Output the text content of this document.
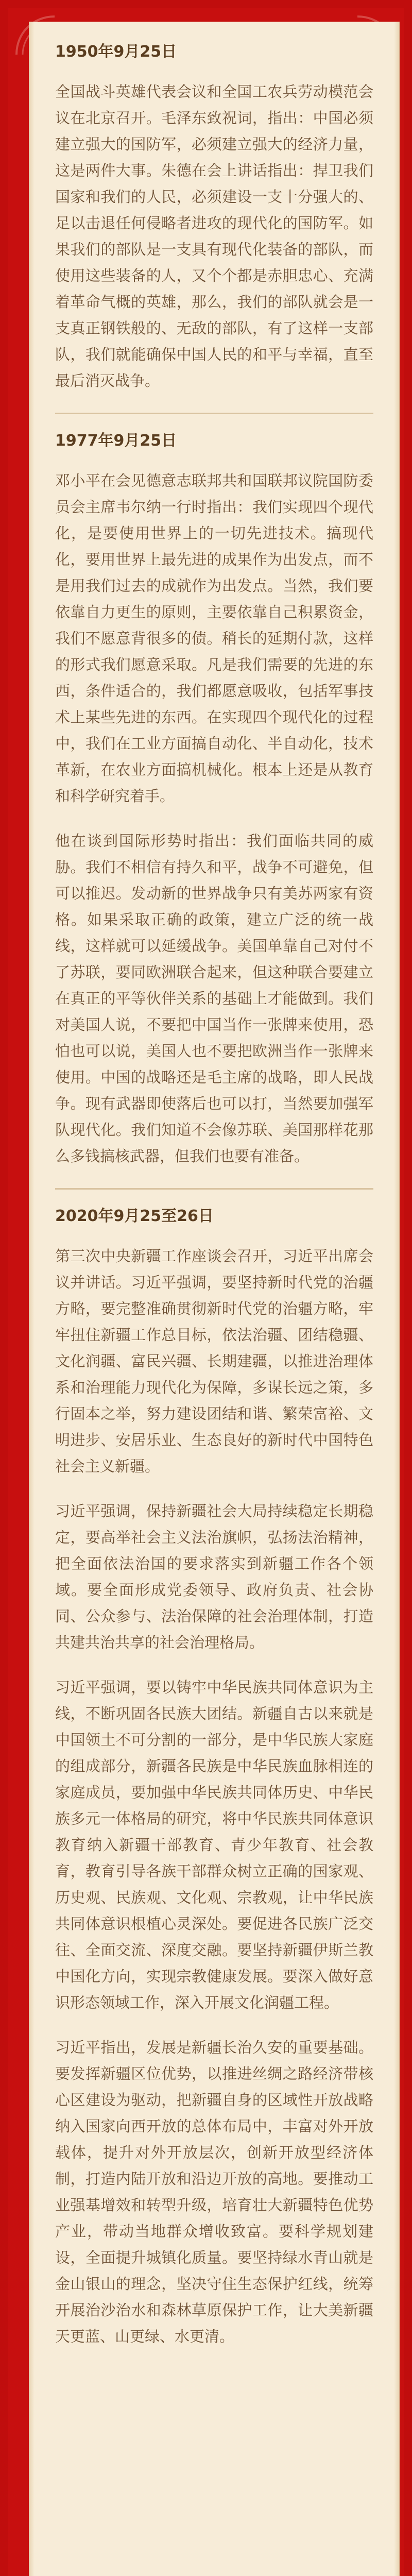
1950年9月25日

全国战斗英雄代表会议和全国工农兵劳动模范会议在北京召开。毛泽东致祝词，指出：中国必须建立强大的国防军，必须建立强大的经济力量，这是两件大事。朱德在会上讲话指出：捍卫我们国家和我们的人民，必须建设一支十分强大的、足以击退任何侵略者进攻的现代化的国防军。如果我们的部队是一支具有现代化装备的部队，而使用这些装备的人，又个个都是赤胆忠心、充满着革命气概的英雄，那么，我们的部队就会是一支真正钢铁般的、无敌的部队，有了这样一支部队，我们就能确保中国人民的和平与幸福，直至最后消灭战争。

1977年9月25日

邓小平在会见德意志联邦共和国联邦议院国防委员会主席韦尔纳一行时指出：我们实现四个现代化，是要使用世界上的一切先进技术。搞现代化，要用世界上最先进的成果作为出发点，而不是用我们过去的成就作为出发点。当然，我们要依靠自力更生的原则，主要依靠自己积累资金，我们不愿意背很多的债。稍长的延期付款，这样的形式我们愿意采取。凡是我们需要的先进的东西，条件适合的，我们都愿意吸收，包括军事技术上某些先进的东西。在实现四个现代化的过程中，我们在工业方面搞自动化、半自动化，技术革新，在农业方面搞机械化。根本上还是从教育和科学研究着手。

他在谈到国际形势时指出：我们面临共同的威胁。我们不相信有持久和平，战争不可避免，但可以推迟。发动新的世界战争只有美苏两家有资格。如果采取正确的政策，建立广泛的统一战线，这样就可以延缓战争。美国单靠自己对付不了苏联，要同欧洲联合起来，但这种联合要建立在真正的平等伙伴关系的基础上才能做到。我们对美国人说，不要把中国当作一张牌来使用，恐怕也可以说，美国人也不要把欧洲当作一张牌来使用。中国的战略还是毛主席的战略，即人民战争。现有武器即使落后也可以打，当然要加强军队现代化。我们知道不会像苏联、美国那样花那么多钱搞核武器，但我们也要有准备。

2020年9月25至26日

第三次中央新疆工作座谈会召开，习近平出席会议并讲话。习近平强调，要坚持新时代党的治疆方略，要完整准确贯彻新时代党的治疆方略，牢牢扭住新疆工作总目标，依法治疆、团结稳疆、文化润疆、富民兴疆、长期建疆，以推进治理体系和治理能力现代化为保障，多谋长远之策，多行固本之举，努力建设团结和谐、繁荣富裕、文明进步、安居乐业、生态良好的新时代中国特色社会主义新疆。

习近平强调，保持新疆社会大局持续稳定长期稳定，要高举社会主义法治旗帜，弘扬法治精神，把全面依法治国的要求落实到新疆工作各个领域。要全面形成党委领导、政府负责、社会协同、公众参与、法治保障的社会治理体制，打造共建共治共享的社会治理格局。

习近平强调，要以铸牢中华民族共同体意识为主线，不断巩固各民族大团结。新疆自古以来就是中国领土不可分割的一部分，是中华民族大家庭的组成部分，新疆各民族是中华民族血脉相连的家庭成员，要加强中华民族共同体历史、中华民族多元一体格局的研究，将中华民族共同体意识教育纳入新疆干部教育、青少年教育、社会教育，教育引导各族干部群众树立正确的国家观、历史观、民族观、文化观、宗教观，让中华民族共同体意识根植心灵深处。要促进各民族广泛交往、全面交流、深度交融。要坚持新疆伊斯兰教中国化方向，实现宗教健康发展。要深入做好意识形态领域工作，深入开展文化润疆工程。

习近平指出，发展是新疆长治久安的重要基础。要发挥新疆区位优势，以推进丝绸之路经济带核心区建设为驱动，把新疆自身的区域性开放战略纳入国家向西开放的总体布局中，丰富对外开放载体，提升对外开放层次，创新开放型经济体制，打造内陆开放和沿边开放的高地。要推动工业强基增效和转型升级，培育壮大新疆特色优势产业，带动当地群众增收致富。要科学规划建设，全面提升城镇化质量。要坚持绿水青山就是金山银山的理念，坚决守住生态保护红线，统筹开展治沙治水和森林草原保护工作，让大美新疆天更蓝、山更绿、水更清。
